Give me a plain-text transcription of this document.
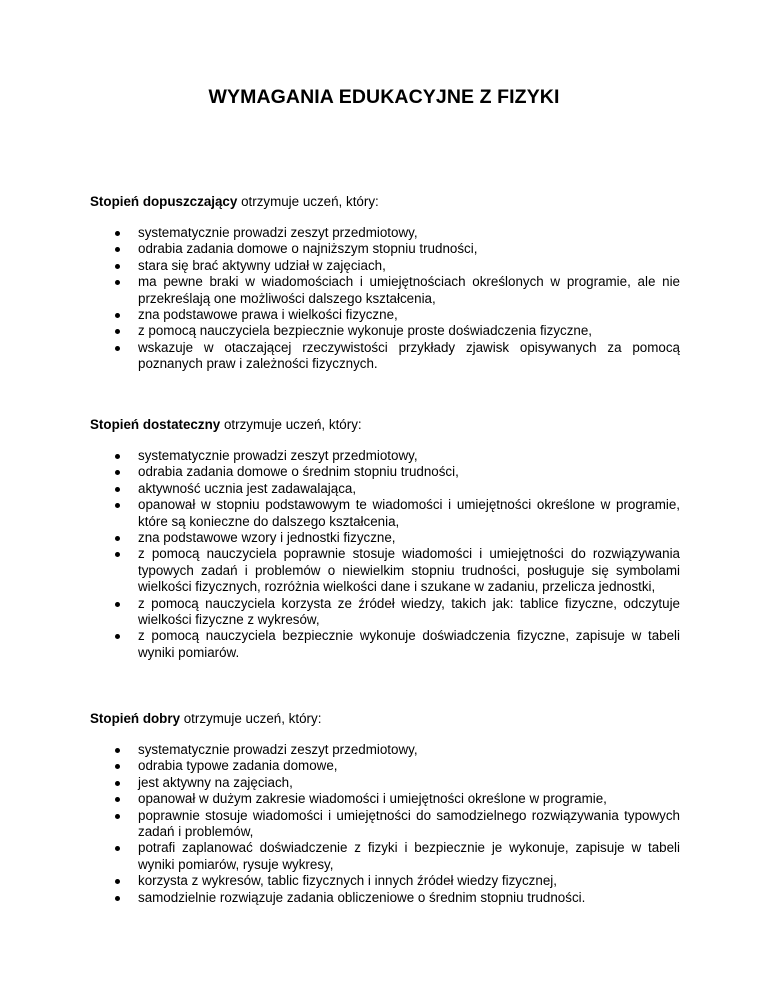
WYMAGANIA EDUKACYJNE Z FIZYKI

Stopień dopuszczający otrzymuje uczeń, który:

systematycznie prowadzi zeszyt przedmiotowy,
odrabia zadania domowe o najniższym stopniu trudności,
stara się brać aktywny udział w zajęciach,
ma pewne braki w wiadomościach i umiejętnościach określonych w programie, ale nie przekreślają one możliwości dalszego kształcenia,
zna podstawowe prawa i wielkości fizyczne,
z pomocą nauczyciela bezpiecznie wykonuje proste doświadczenia fizyczne,
wskazuje w otaczającej rzeczywistości przykłady zjawisk opisywanych za pomocą poznanych praw i zależności fizycznych.

Stopień dostateczny otrzymuje uczeń, który:

systematycznie prowadzi zeszyt przedmiotowy,
odrabia zadania domowe o średnim stopniu trudności,
aktywność ucznia jest zadawalająca,
opanował w stopniu podstawowym te wiadomości i umiejętności określone w programie, które są konieczne do dalszego kształcenia,
zna podstawowe wzory i jednostki fizyczne,
z pomocą nauczyciela poprawnie stosuje wiadomości i umiejętności do rozwiązywania typowych zadań i problemów o niewielkim stopniu trudności, posługuje się symbolami wielkości fizycznych, rozróżnia wielkości dane i szukane w zadaniu, przelicza jednostki,
z pomocą nauczyciela korzysta ze źródeł wiedzy, takich jak: tablice fizyczne, odczytuje wielkości fizyczne z wykresów,
z pomocą nauczyciela bezpiecznie wykonuje doświadczenia fizyczne, zapisuje w tabeli wyniki pomiarów.

Stopień dobry otrzymuje uczeń, który:

systematycznie prowadzi zeszyt przedmiotowy,
odrabia typowe zadania domowe,
jest aktywny na zajęciach,
opanował w dużym zakresie wiadomości i umiejętności określone w programie,
poprawnie stosuje wiadomości i umiejętności do samodzielnego rozwiązywania typowych zadań i problemów,
potrafi zaplanować doświadczenie z fizyki i bezpiecznie je wykonuje, zapisuje w tabeli wyniki pomiarów, rysuje wykresy,
korzysta z wykresów, tablic fizycznych i innych źródeł wiedzy fizycznej,
samodzielnie rozwiązuje zadania obliczeniowe o średnim stopniu trudności.
